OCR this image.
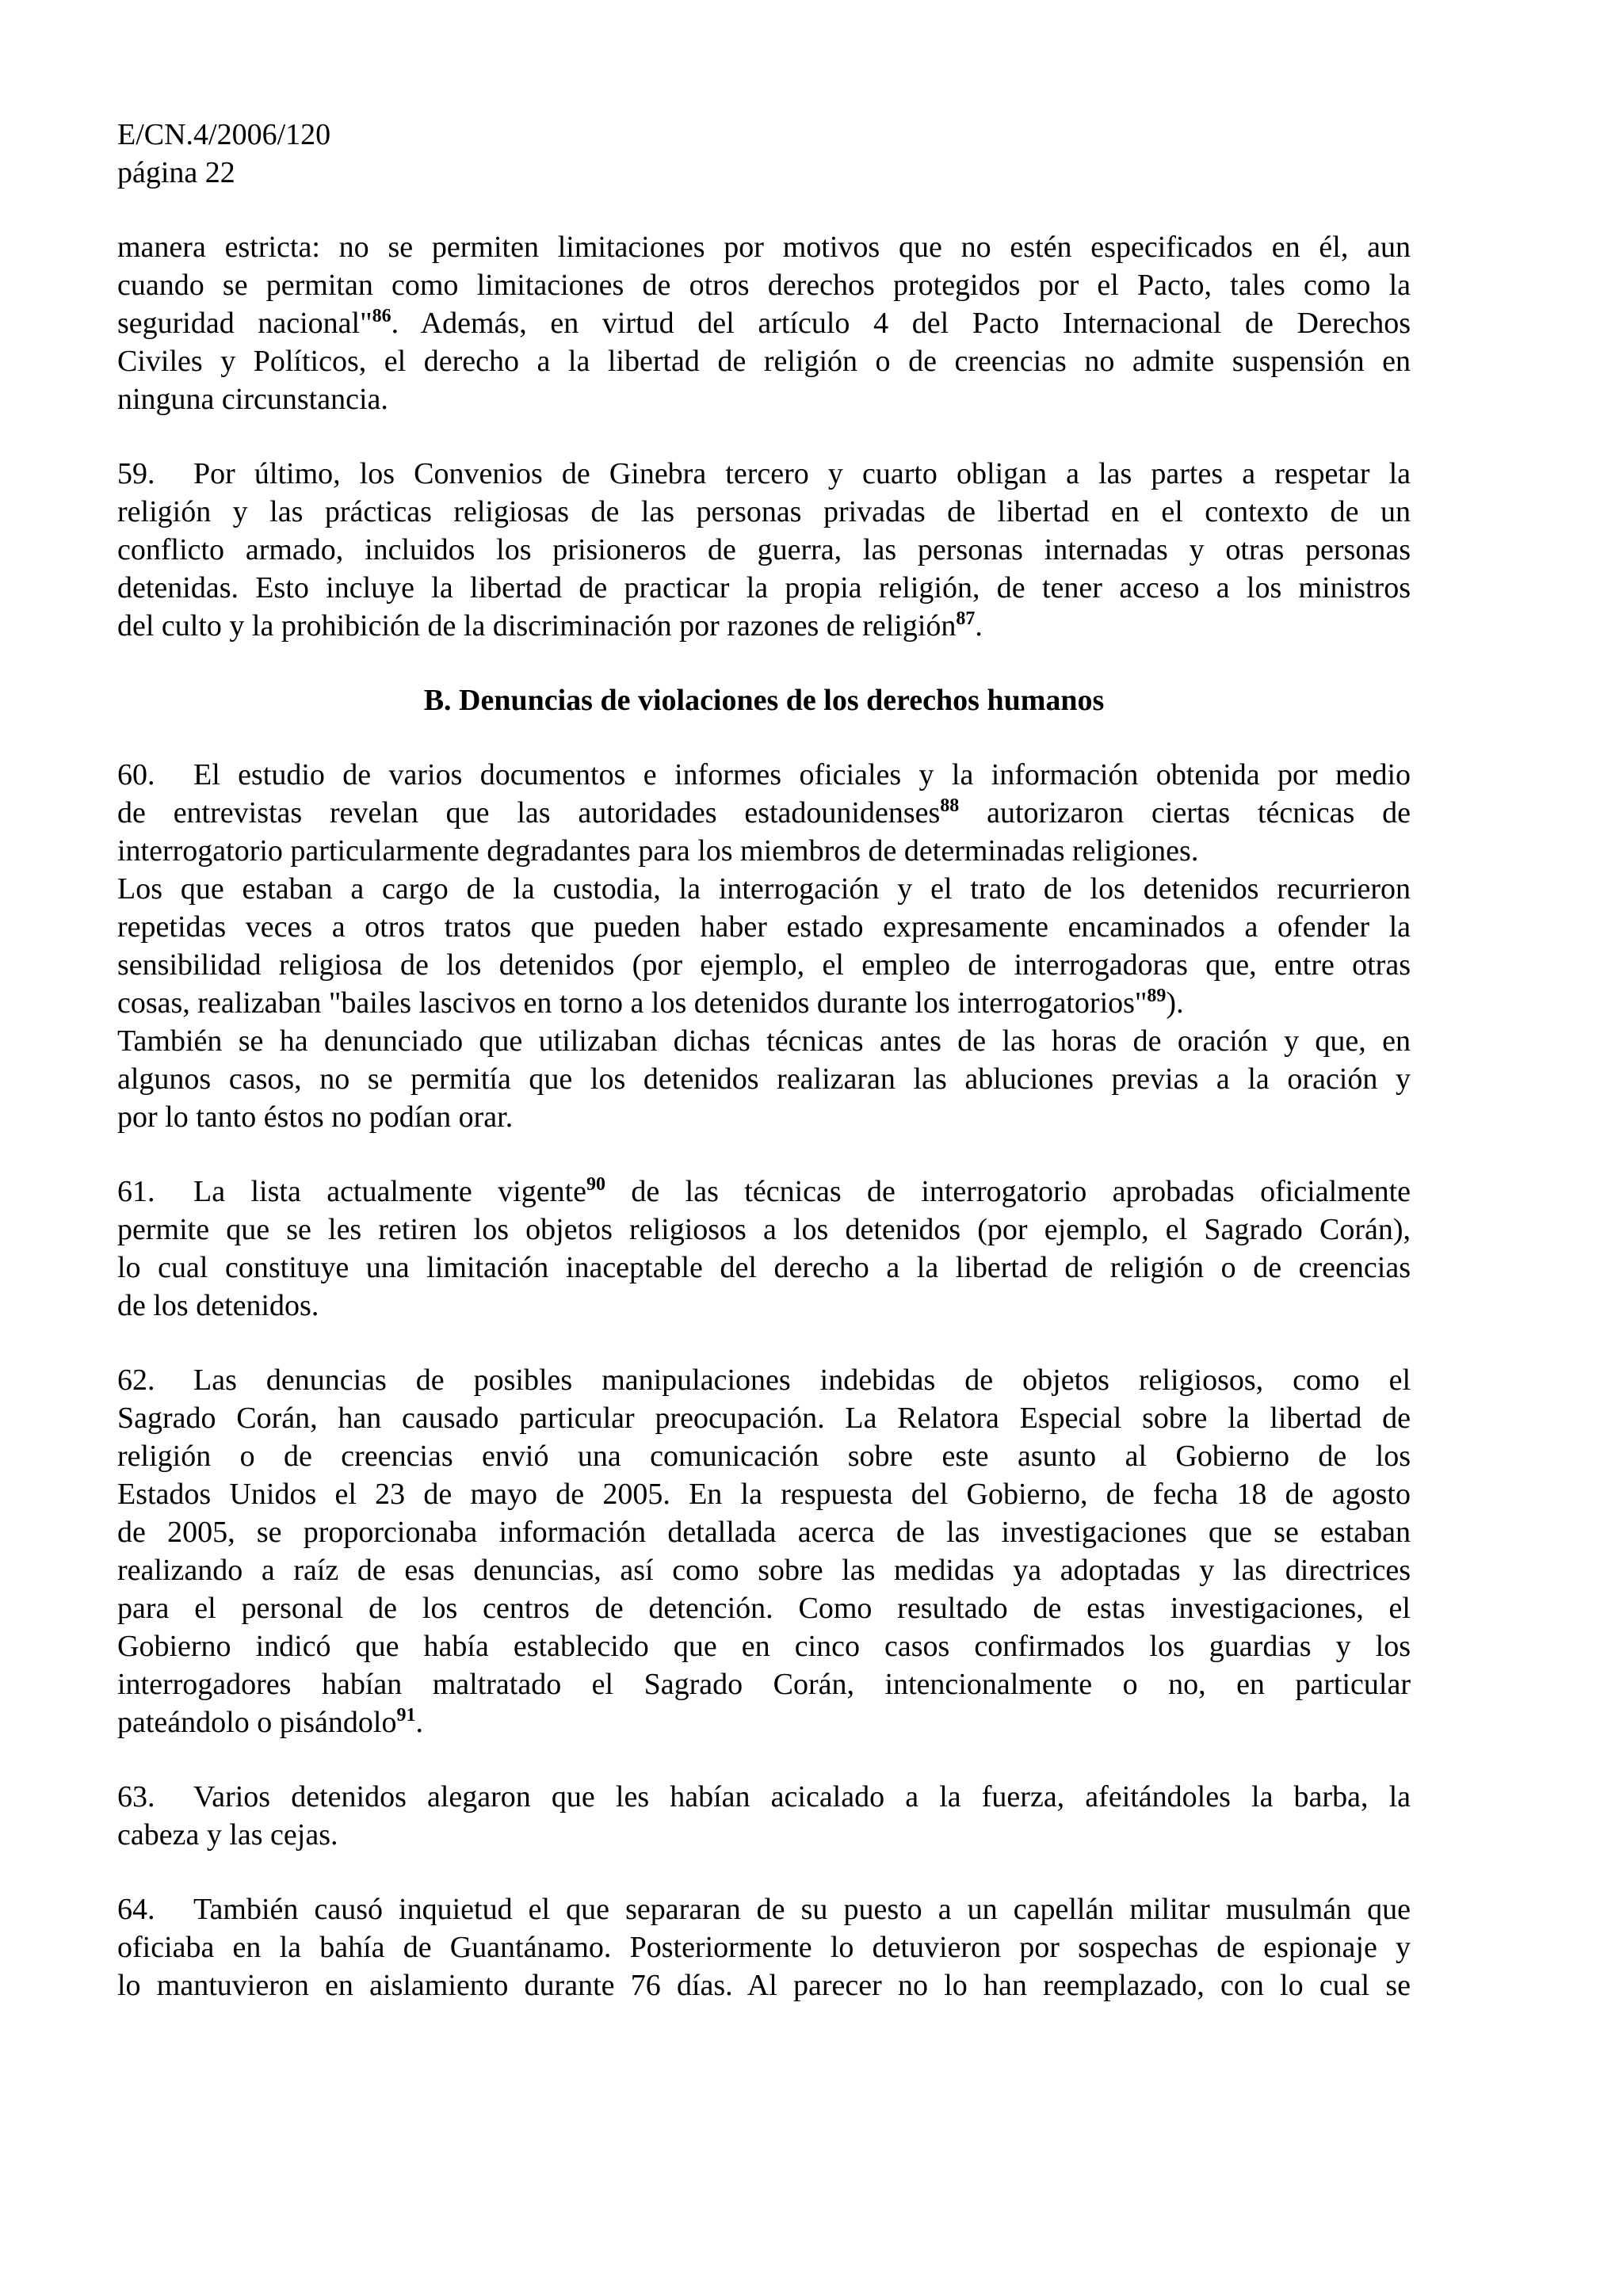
E/CN.4/2006/120
página 22
manera estricta: no se permiten limitaciones por motivos que no estén especificados en él, aun
cuando se permitan como limitaciones de otros derechos protegidos por el Pacto, tales como la
seguridad nacional"$^{86}$. Además, en virtud del artículo 4 del Pacto Internacional de Derechos
Civiles y Políticos, el derecho a la libertad de religión o de creencias no admite suspensión en
ninguna circunstancia.
59. Por último, los Convenios de Ginebra tercero y cuarto obligan a las partes a respetar la
religión y las prácticas religiosas de las personas privadas de libertad en el contexto de un
conflicto armado, incluidos los prisioneros de guerra, las personas internadas y otras personas
detenidas. Esto incluye la libertad de practicar la propia religión, de tener acceso a los ministros
del culto y la prohibición de la discriminación por razones de religión$^{87}$.
B. Denuncias de violaciones de los derechos humanos
60. El estudio de varios documentos e informes oficiales y la información obtenida por medio
de entrevistas revelan que las autoridades estadounidenses$^{88}$ autorizaron ciertas técnicas de
interrogatorio particularmente degradantes para los miembros de determinadas religiones.
Los que estaban a cargo de la custodia, la interrogación y el trato de los detenidos recurrieron
repetidas veces a otros tratos que pueden haber estado expresamente encaminados a ofender la
sensibilidad religiosa de los detenidos (por ejemplo, el empleo de interrogadoras que, entre otras
cosas, realizaban "bailes lascivos en torno a los detenidos durante los interrogatorios"$^{89}$).
También se ha denunciado que utilizaban dichas técnicas antes de las horas de oración y que, en
algunos casos, no se permitía que los detenidos realizaran las abluciones previas a la oración y
por lo tanto éstos no podían orar.
61. La lista actualmente vigente$^{90}$ de las técnicas de interrogatorio aprobadas oficialmente
permite que se les retiren los objetos religiosos a los detenidos (por ejemplo, el Sagrado Corán),
lo cual constituye una limitación inaceptable del derecho a la libertad de religión o de creencias
de los detenidos.
62. Las denuncias de posibles manipulaciones indebidas de objetos religiosos, como el
Sagrado Corán, han causado particular preocupación. La Relatora Especial sobre la libertad de
religión o de creencias envió una comunicación sobre este asunto al Gobierno de los
Estados Unidos el 23 de mayo de 2005. En la respuesta del Gobierno, de fecha 18 de agosto
de 2005, se proporcionaba información detallada acerca de las investigaciones que se estaban
realizando a raíz de esas denuncias, así como sobre las medidas ya adoptadas y las directrices
para el personal de los centros de detención. Como resultado de estas investigaciones, el
Gobierno indicó que había establecido que en cinco casos confirmados los guardias y los
interrogadores habían maltratado el Sagrado Corán, intencionalmente o no, en particular
pateándolo o pisándolo$^{91}$.
63. Varios detenidos alegaron que les habían acicalado a la fuerza, afeitándoles la barba, la
cabeza y las cejas.
64. También causó inquietud el que separaran de su puesto a un capellán militar musulmán que
oficiaba en la bahía de Guantánamo. Posteriormente lo detuvieron por sospechas de espionaje y
lo mantuvieron en aislamiento durante 76 días. Al parecer no lo han reemplazado, con lo cual se
